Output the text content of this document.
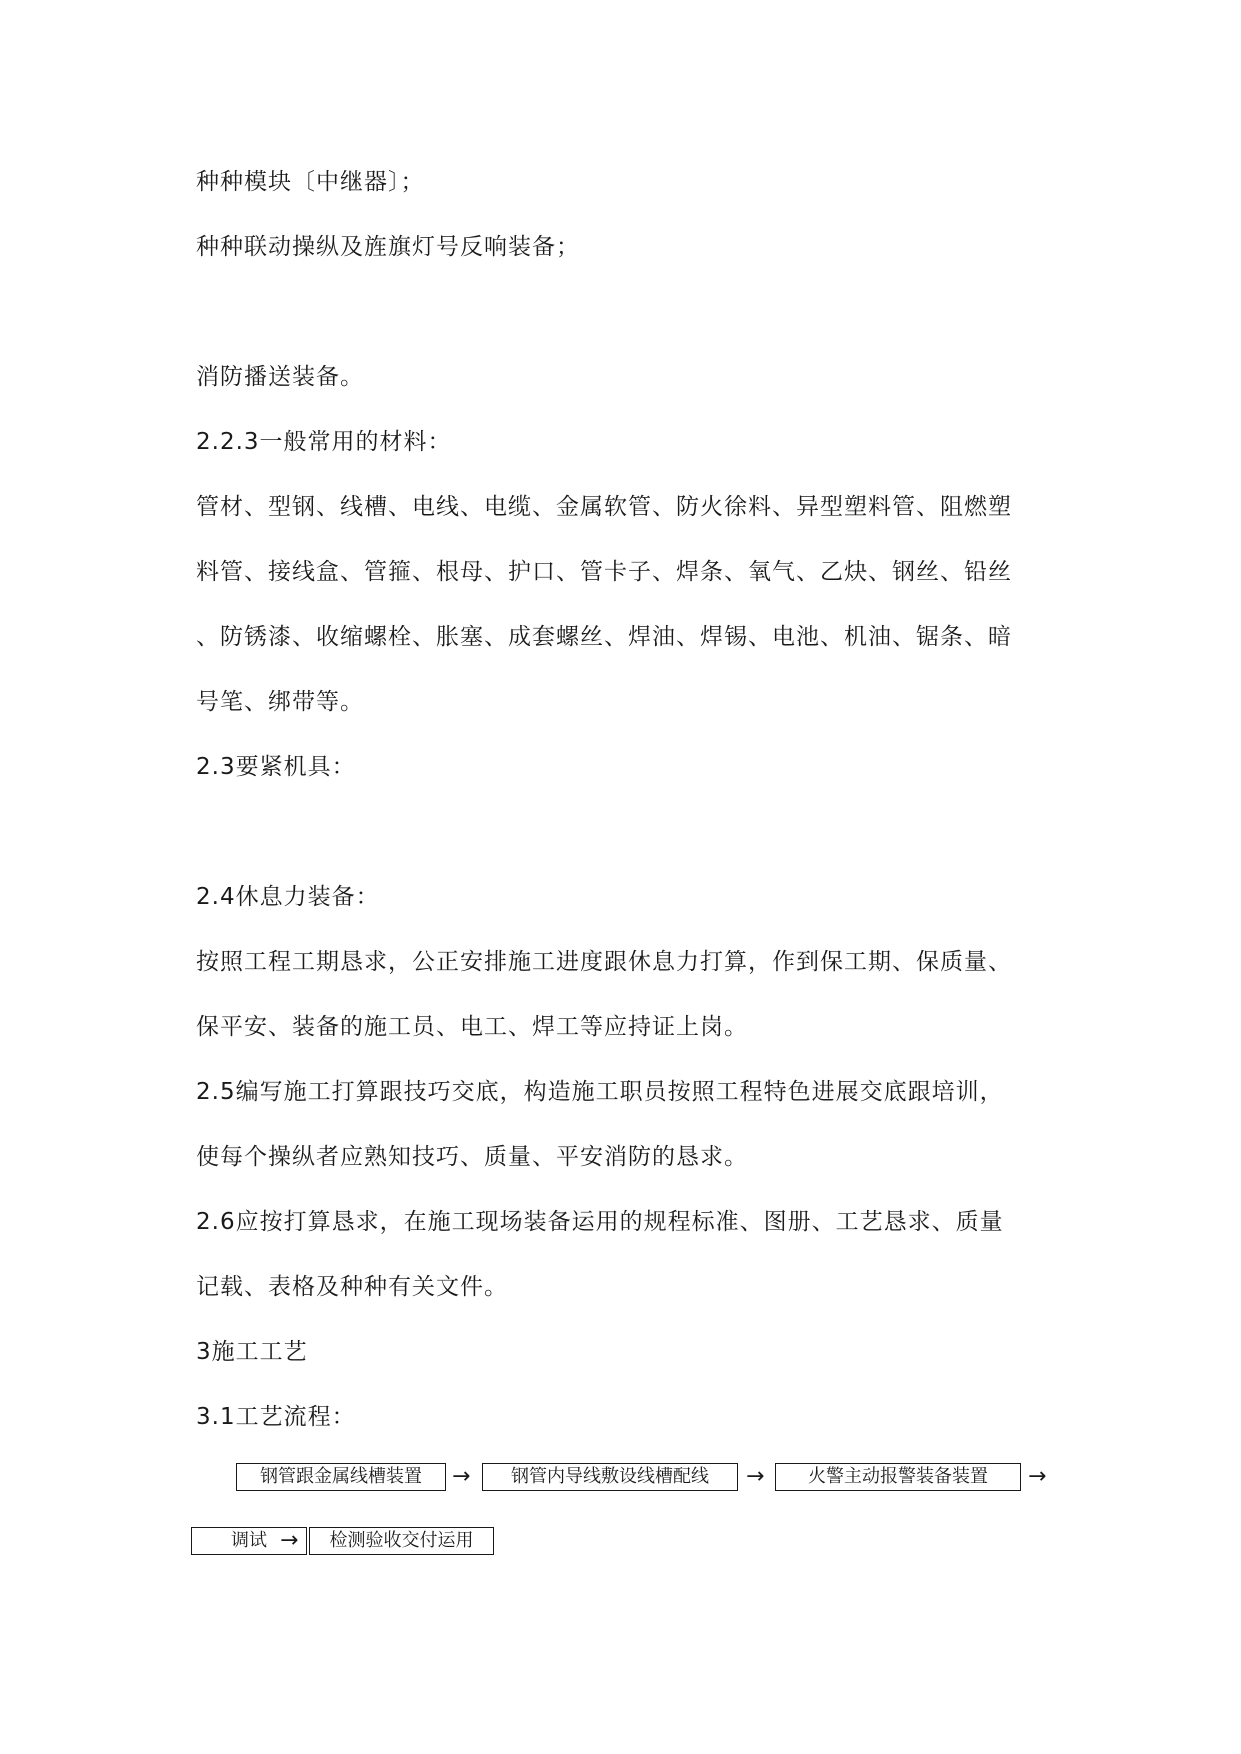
种种模块〔中继器〕；
种种联动操纵及旌旗灯号反响装备；
消防播送装备。
2.2.3一般常用的材料：
管材、型钢、线槽、电线、电缆、金属软管、防火徐料、异型塑料管、阻燃塑
料管、接线盒、管箍、根母、护口、管卡子、焊条、氧气、乙炔、钢丝、铅丝
、防锈漆、收缩螺栓、胀塞、成套螺丝、焊油、焊锡、电池、机油、锯条、暗
号笔、绑带等。
2.3要紧机具：
2.4休息力装备：
按照工程工期恳求，公正安排施工进度跟休息力打算，作到保工期、保质量、
保平安、装备的施工员、电工、焊工等应持证上岗。
2.5编写施工打算跟技巧交底，构造施工职员按照工程特色进展交底跟培训，
使每个操纵者应熟知技巧、质量、平安消防的恳求。
2.6应按打算恳求，在施工现场装备运用的规程标准、图册、工艺恳求、质量
记载、表格及种种有关文件。
3施工工艺
3.1工艺流程：
钢管跟金属线槽装置	→	钢管内导线敷设线槽配线	→	火警主动报警装备装置	→
调试 →	检测验收交付运用
